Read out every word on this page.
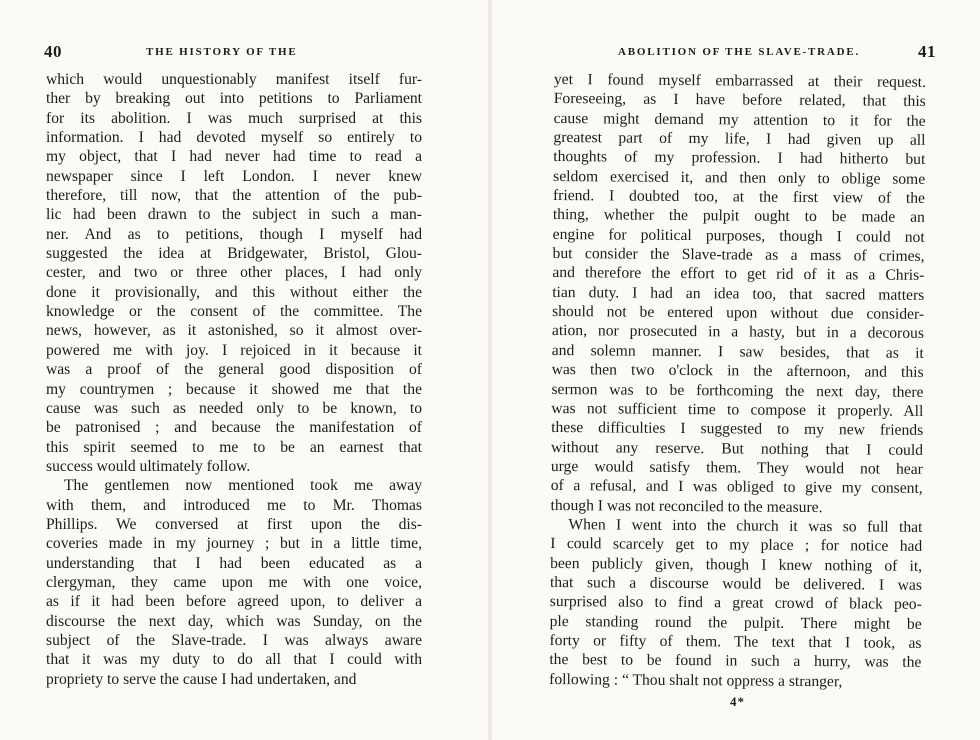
40	THE HISTORY OF THE
which would unquestionably manifest itself fur-
ther by breaking out into petitions to Parliament
for its abolition. I was much surprised at this
information. I had devoted myself so entirely to
my object, that I had never had time to read a
newspaper since I left London. I never knew
therefore, till now, that the attention of the pub-
lic had been drawn to the subject in such a man-
ner. And as to petitions, though I myself had
suggested the idea at Bridgewater, Bristol, Glou-
cester, and two or three other places, I had only
done it provisionally, and this without either the
knowledge or the consent of the committee. The
news, however, as it astonished, so it almost over-
powered me with joy. I rejoiced in it because it
was a proof of the general good disposition of
my countrymen ; because it showed me that the
cause was such as needed only to be known, to
be patronised ; and because the manifestation of
this spirit seemed to me to be an earnest that
success would ultimately follow.
The gentlemen now mentioned took me away
with them, and introduced me to Mr. Thomas
Phillips. We conversed at first upon the dis-
coveries made in my journey ; but in a little time,
understanding that I had been educated as a
clergyman, they came upon me with one voice,
as if it had been before agreed upon, to deliver a
discourse the next day, which was Sunday, on the
subject of the Slave-trade. I was always aware
that it was my duty to do all that I could with
propriety to serve the cause I had undertaken, and
ABOLITION OF THE SLAVE-TRADE.	41
yet I found myself embarrassed at their request.
Foreseeing, as I have before related, that this
cause might demand my attention to it for the
greatest part of my life, I had given up all
thoughts of my profession. I had hitherto but
seldom exercised it, and then only to oblige some
friend. I doubted too, at the first view of the
thing, whether the pulpit ought to be made an
engine for political purposes, though I could not
but consider the Slave-trade as a mass of crimes,
and therefore the effort to get rid of it as a Chris-
tian duty. I had an idea too, that sacred matters
should not be entered upon without due consider-
ation, nor prosecuted in a hasty, but in a decorous
and solemn manner. I saw besides, that as it
was then two o'clock in the afternoon, and this
sermon was to be forthcoming the next day, there
was not sufficient time to compose it properly. All
these difficulties I suggested to my new friends
without any reserve. But nothing that I could
urge would satisfy them. They would not hear
of a refusal, and I was obliged to give my consent,
though I was not reconciled to the measure.
When I went into the church it was so full that
I could scarcely get to my place ; for notice had
been publicly given, though I knew nothing of it,
that such a discourse would be delivered. I was
surprised also to find a great crowd of black peo-
ple standing round the pulpit. There might be
forty or fifty of them. The text that I took, as
the best to be found in such a hurry, was the
following : “ Thou shalt not oppress a stranger,
4*
